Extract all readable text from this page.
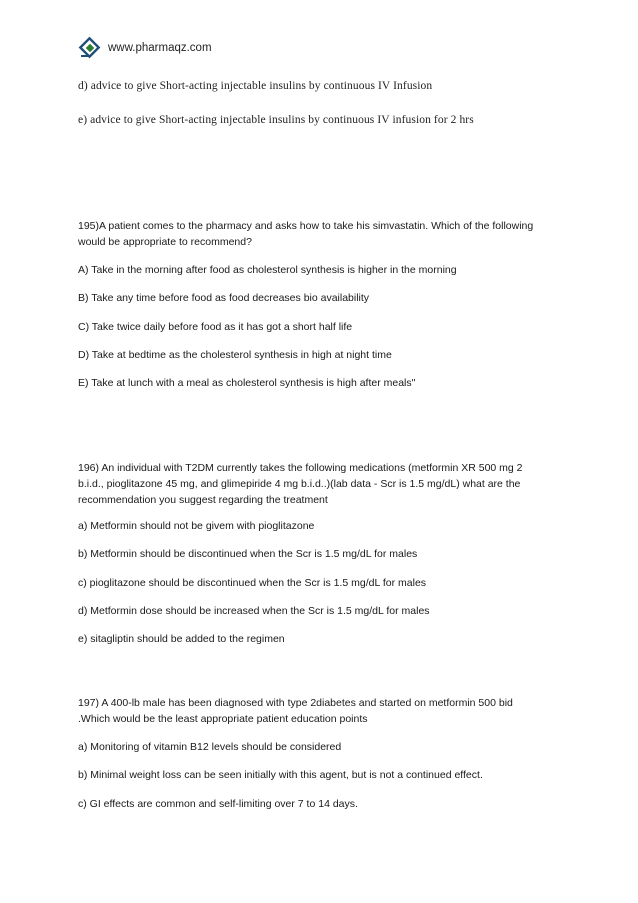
www.pharmaqz.com
d) advice to give Short-acting injectable insulins by continuous IV Infusion
e) advice to give Short-acting injectable insulins by continuous IV infusion for 2 hrs
195)A patient comes to the pharmacy and asks how to take his simvastatin. Which of the following
would be appropriate to recommend?
A) Take in the morning after food as cholesterol synthesis is higher in the morning
B) Take any time before food as food decreases bio availability
C) Take twice daily before food as it has got a short half life
D) Take at bedtime as the cholesterol synthesis in high at night time
E) Take at lunch with a meal as cholesterol synthesis is high after meals"
196) An individual with T2DM currently takes the following medications (metformin XR 500 mg 2
b.i.d., pioglitazone 45 mg, and glimepiride 4 mg b.i.d..)(lab data - Scr is 1.5 mg/dL) what are the
recommendation you suggest regarding the treatment
a) Metformin should not be givem with pioglitazone
b) Metformin should be discontinued when the Scr is 1.5 mg/dL for males
c) pioglitazone should be discontinued when the Scr is 1.5 mg/dL for males
d) Metformin dose should be increased when the Scr is 1.5 mg/dL for males
e) sitagliptin should be added to the regimen
197) A 400-lb male has been diagnosed with type 2diabetes and started on metformin 500 bid
.Which would be the least appropriate patient education points
a) Monitoring of vitamin B12 levels should be considered
b) Minimal weight loss can be seen initially with this agent, but is not a continued effect.
c) GI effects are common and self-limiting over 7 to 14 days.
